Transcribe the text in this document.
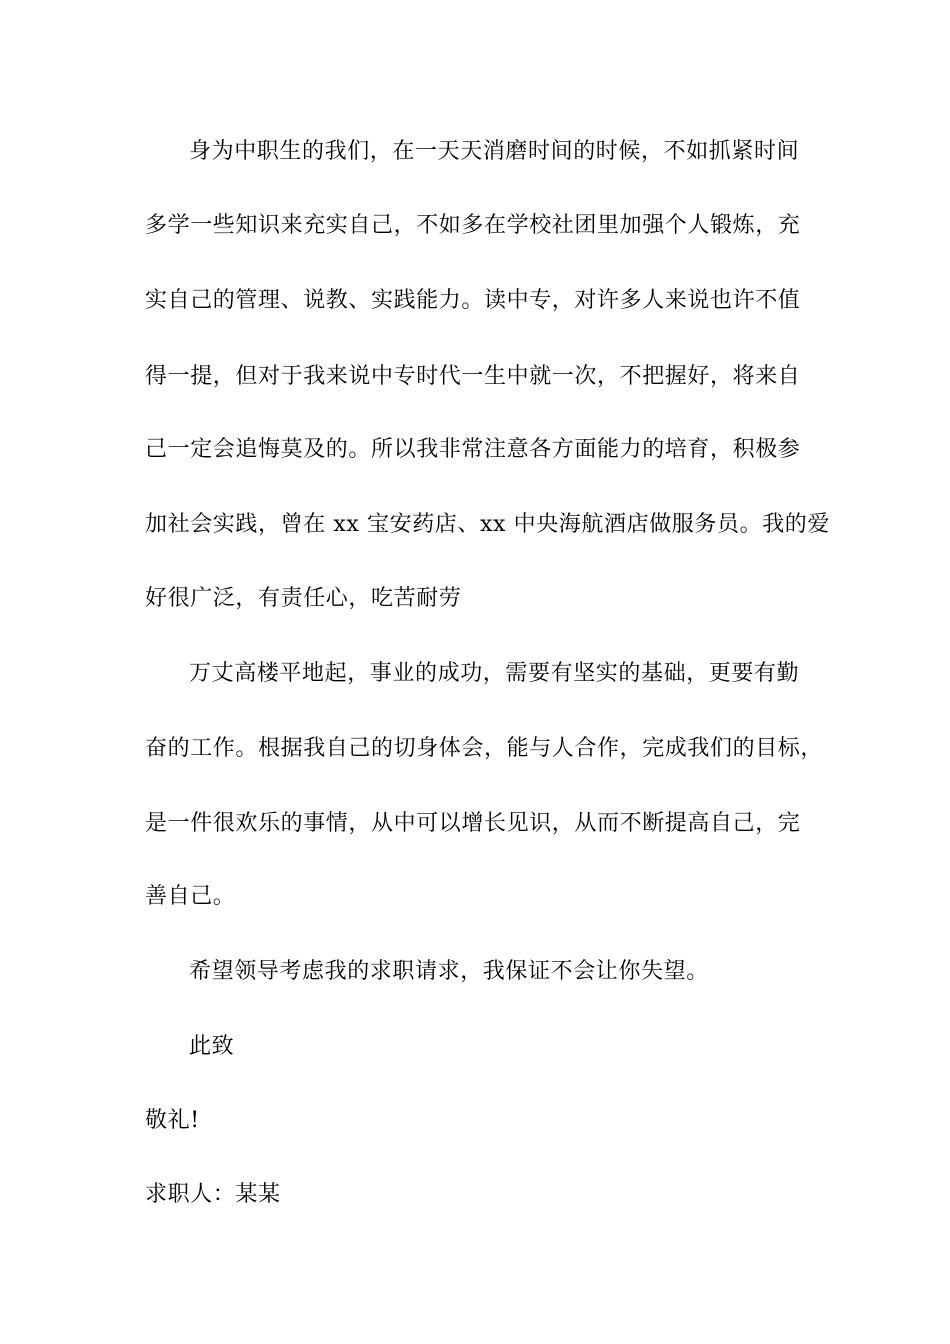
身为中职生的我们，在一天天消磨时间的时候，不如抓紧时间
多学一些知识来充实自己，不如多在学校社团里加强个人锻炼，充
实自己的管理、说教、实践能力。读中专，对许多人来说也许不值
得一提，但对于我来说中专时代一生中就一次，不把握好，将来自
己一定会追悔莫及的。所以我非常注意各方面能力的培育，积极参
加社会实践，曾在 xx 宝安药店、xx 中央海航酒店做服务员。我的爱
好很广泛，有责任心，吃苦耐劳
万丈高楼平地起，事业的成功，需要有坚实的基础，更要有勤
奋的工作。根据我自己的切身体会，能与人合作，完成我们的目标，
是一件很欢乐的事情，从中可以增长见识，从而不断提高自己，完
善自己。
希望领导考虑我的求职请求，我保证不会让你失望。
此致
敬礼!
求职人：某某
